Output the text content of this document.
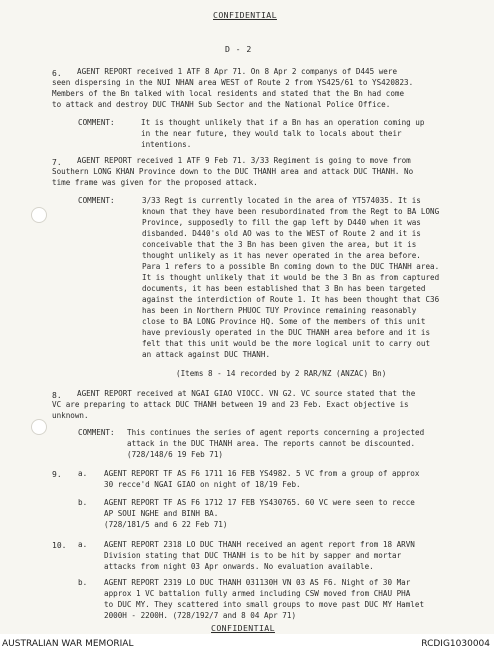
CONFIDENTIAL
D - 2
6. AGENT REPORT received 1 ATF 8 Apr 71. On 8 Apr 2 companys of D445 were
seen dispersing in the NUI NHAN area WEST of Route 2 from YS425/61 to YS420823.
Members of the Bn talked with local residents and stated that the Bn had come
to attack and destroy DUC THANH Sub Sector and the National Police Office.
COMMENT:	It is thought unlikely that if a Bn has an operation coming up
in the near future, they would talk to locals about their
intentions.
7. AGENT REPORT received 1 ATF 9 Feb 71. 3/33 Regiment is going to move from
Southern LONG KHAN Province down to the DUC THANH area and attack DUC THANH. No
time frame was given for the proposed attack.
COMMENT:	3/33 Regt is currently located in the area of YT574035. It is
known that they have been resubordinated from the Regt to BA LONG
Province, supposedly to fill the gap left by D440 when it was
disbanded. D440's old AO was to the WEST of Route 2 and it is
conceivable that the 3 Bn has been given the area, but it is
thought unlikely as it has never operated in the area before.
Para 1 refers to a possible Bn coming down to the DUC THANH area.
It is thought unlikely that it would be the 3 Bn as from captured
documents, it has been established that 3 Bn has been targeted
against the interdiction of Route 1. It has been thought that C36
has been in Northern PHUOC TUY Province remaining reasonably
close to BA LONG Province HQ. Some of the members of this unit
have previously operated in the DUC THANH area before and it is
felt that this unit would be the more logical unit to carry out
an attack against DUC THANH.
(Items 8 - 14 recorded by 2 RAR/NZ (ANZAC) Bn)
8. AGENT REPORT received at NGAI GIAO VIOCC. VN G2. VC source stated that the
VC are preparing to attack DUC THANH between 19 and 23 Feb. Exact objective is
unknown.
COMMENT: This continues the series of agent reports concerning a projected
attack in the DUC THANH area. The reports cannot be discounted.
(728/148/6 19 Feb 71)
9. a. AGENT REPORT TF AS F6 1711 16 FEB YS4982. 5 VC from a group of approx
30 recce'd NGAI GIAO on night of 18/19 Feb.
b. AGENT REPORT TF AS F6 1712 17 FEB YS430765. 60 VC were seen to recce
AP SOUI NGHE and BINH BA.
(728/181/5 and 6 22 Feb 71)
10. a. AGENT REPORT 2318 LO DUC THANH received an agent report from 18 ARVN
Division stating that DUC THANH is to be hit by sapper and mortar
attacks from night 03 Apr onwards. No evaluation available.
b. AGENT REPORT 2319 LO DUC THANH 031130H VN 03 AS F6. Night of 30 Mar
approx 1 VC battalion fully armed including CSW moved from CHAU PHA
to DUC MY. They scattered into small groups to move past DUC MY Hamlet
2000H - 2200H. (728/192/7 and 8 04 Apr 71)
CONFIDENTIAL
AUSTRALIAN WAR MEMORIAL	RCDIG1030004
